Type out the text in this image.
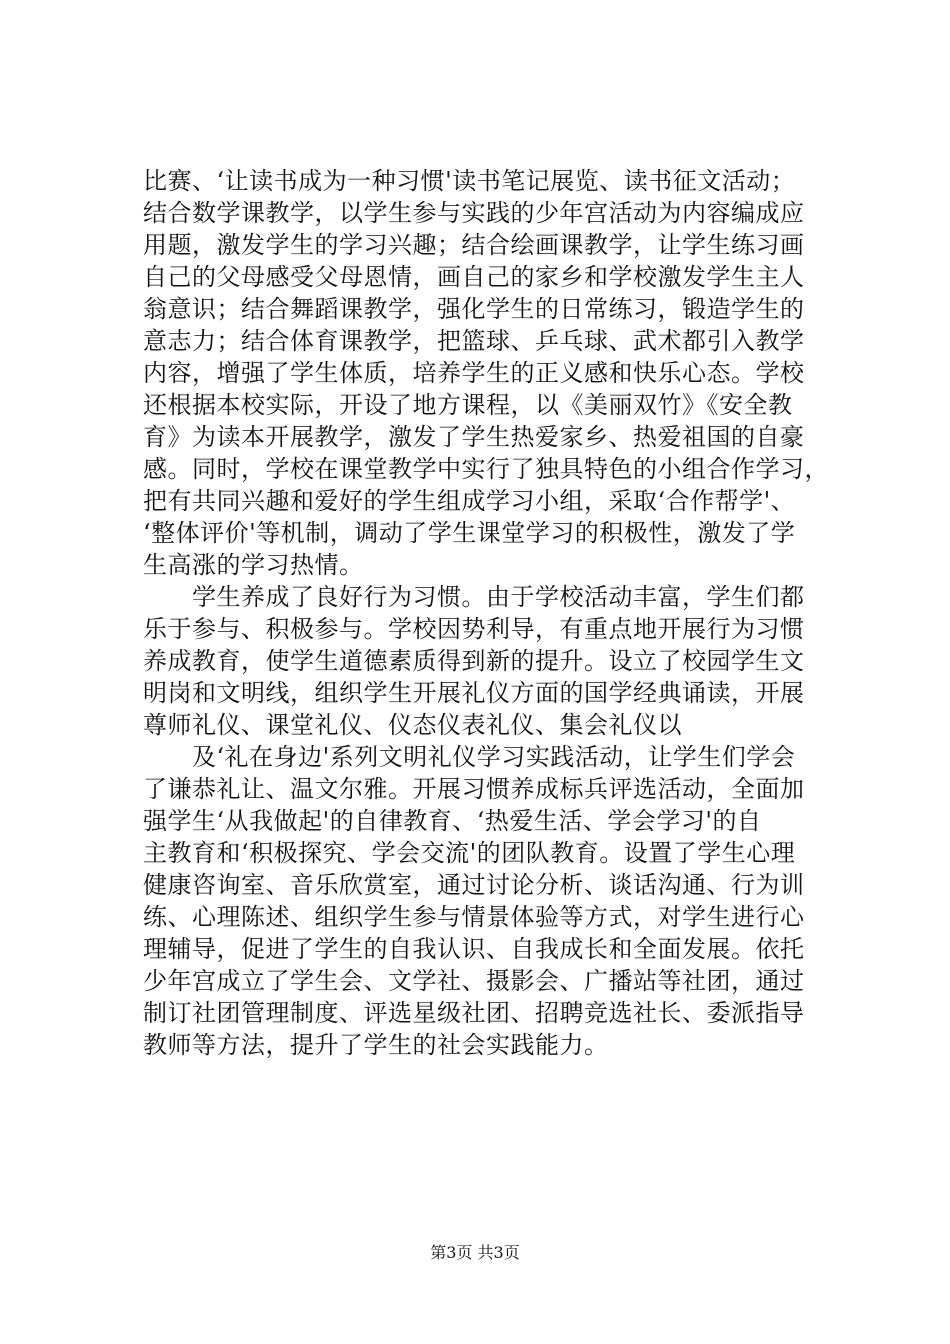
比赛、‘让读书成为一种习惯'读书笔记展览、读书征文活动；
结合数学课教学，以学生参与实践的少年宫活动为内容编成应
用题，激发学生的学习兴趣；结合绘画课教学，让学生练习画
自己的父母感受父母恩情，画自己的家乡和学校激发学生主人
翁意识；结合舞蹈课教学，强化学生的日常练习，锻造学生的
意志力；结合体育课教学，把篮球、乒乓球、武术都引入教学
内容，增强了学生体质，培养学生的正义感和快乐心态。学校
还根据本校实际，开设了地方课程，以《美丽双竹》《安全教
育》为读本开展教学，激发了学生热爱家乡、热爱祖国的自豪
感。同时，学校在课堂教学中实行了独具特色的小组合作学习，
把有共同兴趣和爱好的学生组成学习小组，采取‘合作帮学'、
‘整体评价'等机制，调动了学生课堂学习的积极性，激发了学
生高涨的学习热情。
　　学生养成了良好行为习惯。由于学校活动丰富，学生们都
乐于参与、积极参与。学校因势利导，有重点地开展行为习惯
养成教育，使学生道德素质得到新的提升。设立了校园学生文
明岗和文明线，组织学生开展礼仪方面的国学经典诵读，开展
尊师礼仪、课堂礼仪、仪态仪表礼仪、集会礼仪以
　　及‘礼在身边'系列文明礼仪学习实践活动，让学生们学会
了谦恭礼让、温文尔雅。开展习惯养成标兵评选活动，全面加
强学生‘从我做起'的自律教育、‘热爱生活、学会学习'的自
主教育和‘积极探究、学会交流'的团队教育。设置了学生心理
健康咨询室、音乐欣赏室，通过讨论分析、谈话沟通、行为训
练、心理陈述、组织学生参与情景体验等方式，对学生进行心
理辅导，促进了学生的自我认识、自我成长和全面发展。依托
少年宫成立了学生会、文学社、摄影会、广播站等社团，通过
制订社团管理制度、评选星级社团、招聘竞选社长、委派指导
教师等方法，提升了学生的社会实践能力。
第3页 共3页
